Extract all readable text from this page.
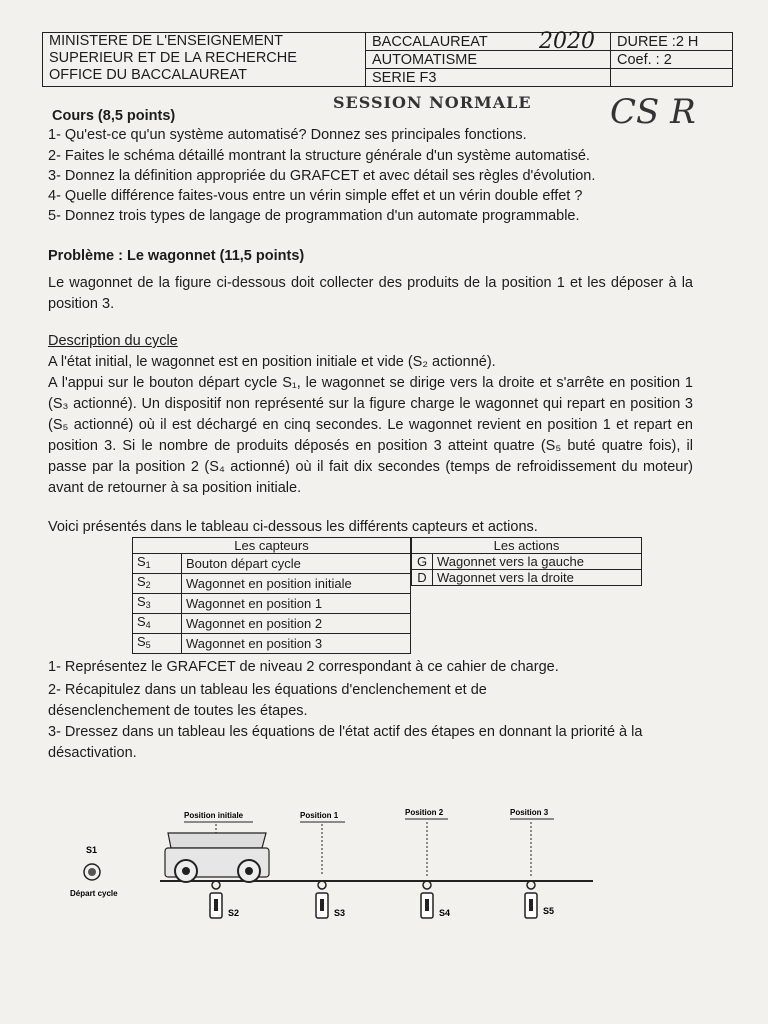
MINISTERE DE L'ENSEIGNEMENT
SUPERIEUR ET DE LA RECHERCHE
OFFICE DU BACCALAUREAT	BACCALAUREAT	DUREE :2 H
	AUTOMATISME	Coef. : 2
	SERIE F3	
2020
SESSION NORMALE CS R
Cours (8,5 points)
1- Qu'est-ce qu'un système automatisé? Donnez ses principales fonctions.
2- Faites le schéma détaillé montrant la structure générale d'un système automatisé.
3- Donnez la définition appropriée du GRAFCET et avec détail ses règles d'évolution.
4- Quelle différence faites-vous entre un vérin simple effet et un vérin double effet ?
5- Donnez trois types de langage de programmation d'un automate programmable.
Problème : Le wagonnet (11,5 points)
Le wagonnet de la figure ci-dessous doit collecter des produits de la position 1 et les déposer à la position 3.
Description du cycle
A l'état initial, le wagonnet est en position initiale et vide (S₂ actionné).
A l'appui sur le bouton départ cycle S₁, le wagonnet se dirige vers la droite et s'arrête en position 1 (S₃ actionné). Un dispositif non représenté sur la figure charge le wagonnet qui repart en position 3 (S₅ actionné) où il est déchargé en cinq secondes. Le wagonnet revient en position 1 et repart en position 3. Si le nombre de produits déposés en position 3 atteint quatre (S₅ buté quatre fois), il passe par la position 2 (S₄ actionné) où il fait dix secondes (temps de refroidissement du moteur) avant de retourner à sa position initiale.
Voici présentés dans le tableau ci-dessous les différents capteurs et actions.
Les capteurs	
$S_1$	Bouton départ cycle
$S_2$	Wagonnet en position initiale
$S_3$	Wagonnet en position 1
$S_4$	Wagonnet en position 2
$S_5$	Wagonnet en position 3
Les actions	
G	Wagonnet vers la gauche
D	Wagonnet vers la droite
1- Représentez le GRAFCET de niveau 2 correspondant à ce cahier de charge.
2- Récapitulez dans un tableau les équations d'enclenchement et de désenclenchement de toutes les étapes.
3- Dressez dans un tableau les équations de l'état actif des étapes en donnant la priorité à la désactivation.
Position initiale	Position 1	Position 2	Position 3
S1
Départ cycle
S2	S3	S4	S5
